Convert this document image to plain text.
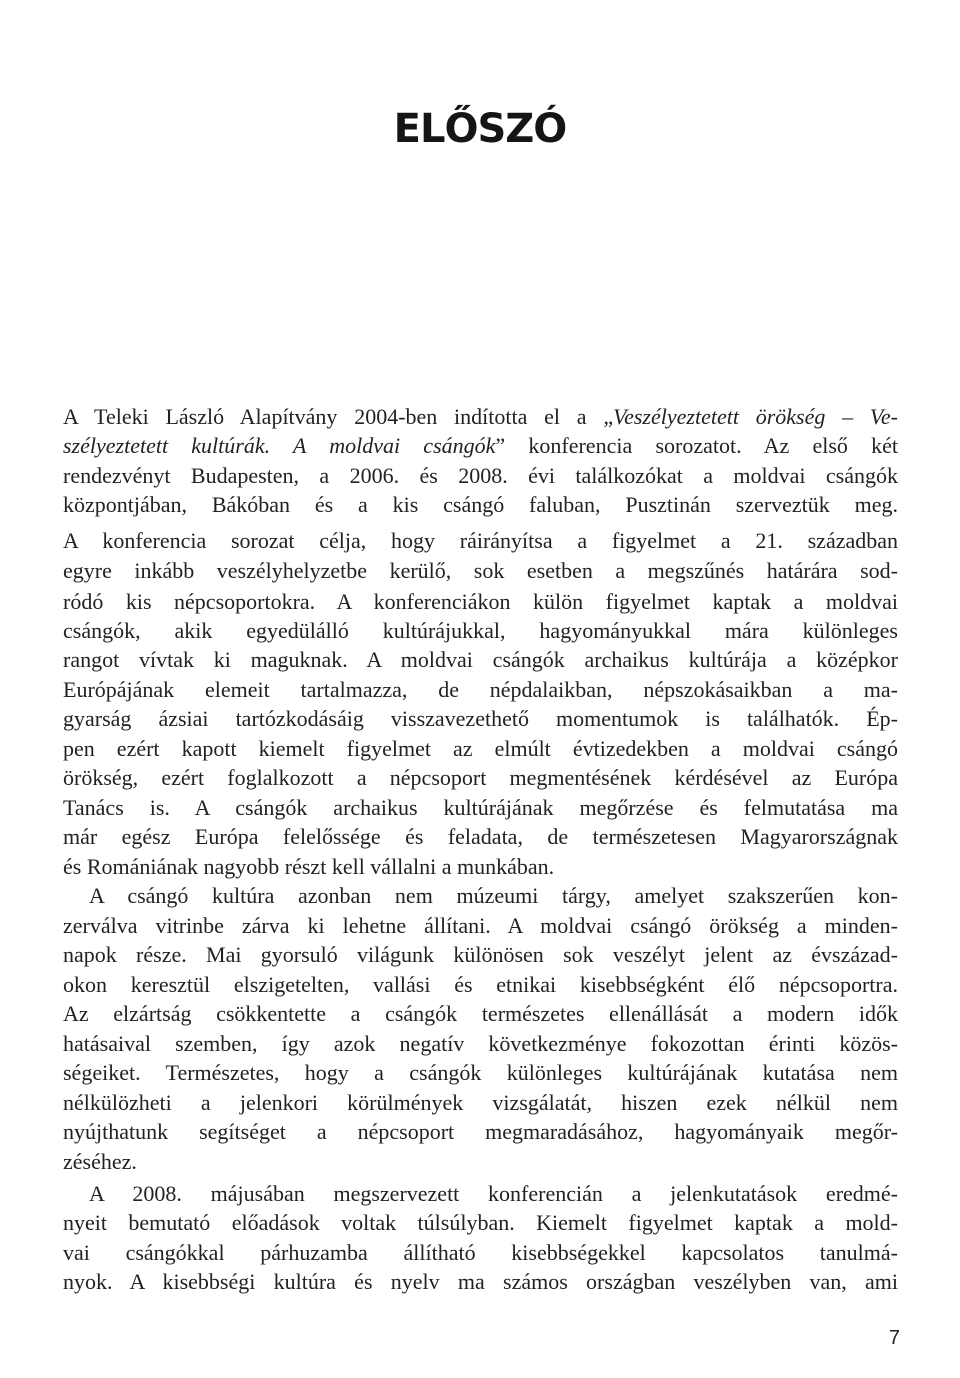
ELŐSZÓ
A Teleki László Alapítvány 2004-ben indította el a „Veszélyeztetett örökség – Ve-
szélyeztetett kultúrák. A moldvai csángók” konferencia sorozatot. Az első két
rendezvényt Budapesten, a 2006. és 2008. évi találkozókat a moldvai csángók
központjában, Bákóban és a kis csángó faluban, Pusztinán szerveztük meg.
A konferencia sorozat célja, hogy ráirányítsa a figyelmet a 21. században
egyre inkább veszélyhelyzetbe kerülő, sok esetben a megszűnés határára sod-
ródó kis népcsoportokra. A konferenciákon külön figyelmet kaptak a moldvai
csángók, akik egyedülálló kultúrájukkal, hagyományukkal mára különleges
rangot vívtak ki maguknak. A moldvai csángók archaikus kultúrája a középkor
Európájának elemeit tartalmazza, de népdalaikban, népszokásaikban a ma-
gyarság ázsiai tartózkodásáig visszavezethető momentumok is találhatók. Ép-
pen ezért kapott kiemelt figyelmet az elmúlt évtizedekben a moldvai csángó
örökség, ezért foglalkozott a népcsoport megmentésének kérdésével az Európa
Tanács is. A csángók archaikus kultúrájának megőrzése és felmutatása ma
már egész Európa felelőssége és feladata, de természetesen Magyarországnak
és Romániának nagyobb részt kell vállalni a munkában.
A csángó kultúra azonban nem múzeumi tárgy, amelyet szakszerűen kon-
zerválva vitrinbe zárva ki lehetne állítani. A moldvai csángó örökség a minden-
napok része. Mai gyorsuló világunk különösen sok veszélyt jelent az évszázad-
okon keresztül elszigetelten, vallási és etnikai kisebbségként élő népcsoportra.
Az elzártság csökkentette a csángók természetes ellenállását a modern idők
hatásaival szemben, így azok negatív következménye fokozottan érinti közös-
ségeiket. Természetes, hogy a csángók különleges kultúrájának kutatása nem
nélkülözheti a jelenkori körülmények vizsgálatát, hiszen ezek nélkül nem
nyújthatunk segítséget a népcsoport megmaradásához, hagyományaik megőr-
zéséhez.
A 2008. májusában megszervezett konferencián a jelenkutatások eredmé-
nyeit bemutató előadások voltak túlsúlyban. Kiemelt figyelmet kaptak a mold-
vai csángókkal párhuzamba állítható kisebbségekkel kapcsolatos tanulmá-
nyok. A kisebbségi kultúra és nyelv ma számos országban veszélyben van, ami
7
